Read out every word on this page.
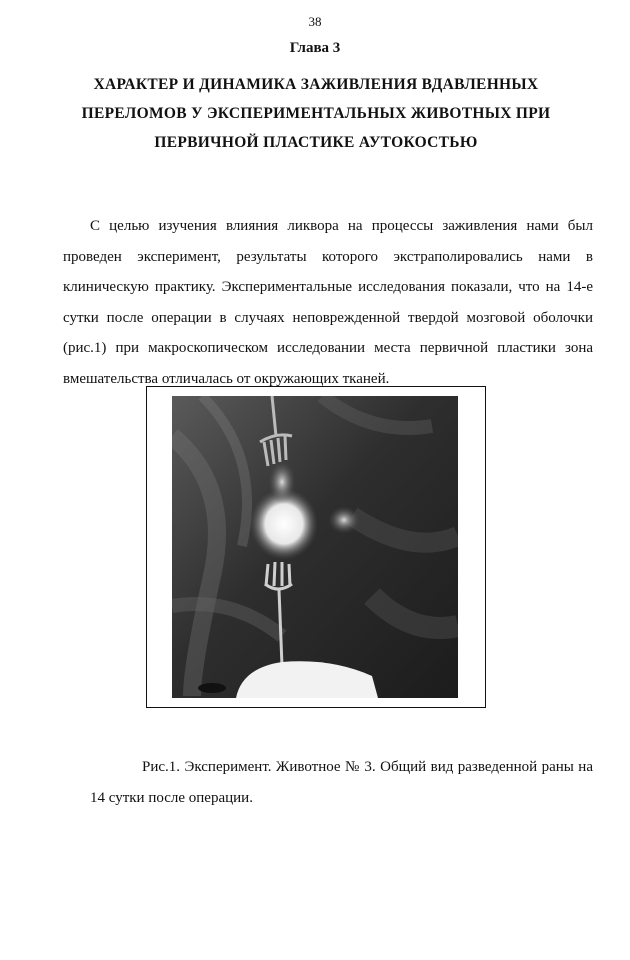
38
Глава 3
ХАРАКТЕР И ДИНАМИКА ЗАЖИВЛЕНИЯ ВДАВЛЕННЫХ
ПЕРЕЛОМОВ У ЭКСПЕРИМЕНТАЛЬНЫХ ЖИВОТНЫХ ПРИ
ПЕРВИЧНОЙ ПЛАСТИКЕ АУТОКОСТЬЮ

С целью изучения влияния ликвора на процессы заживления нами был проведен эксперимент, результаты которого экстраполировались нами в клиническую практику. Экспериментальные исследования показали, что на 14-е сутки после операции в случаях неповрежденной твердой мозговой оболочки (рис.1) при макроскопическом исследовании места первичной пластики зона вмешательства отличалась от окружающих тканей.

Рис.1. Эксперимент. Животное № 3. Общий вид разведенной раны на 14 сутки после операции.
